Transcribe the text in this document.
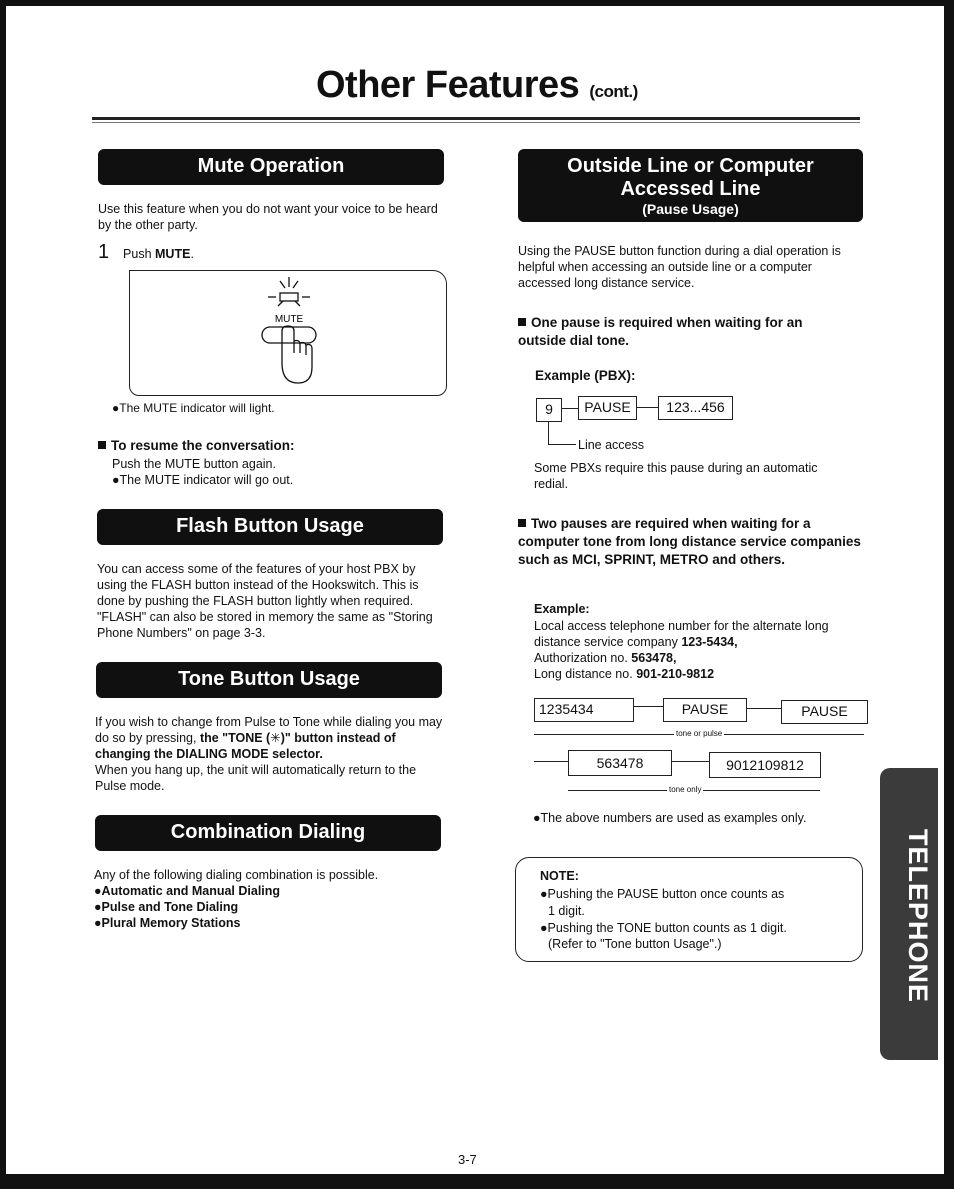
Other Features (cont.)
Mute Operation
Use this feature when you do not want your voice to be heard by the other party.
1 Push MUTE.
MUTE
●The MUTE indicator will light.
To resume the conversation:
Push the MUTE button again.
●The MUTE indicator will go out.
Flash Button Usage
You can access some of the features of your host PBX by using the FLASH button instead of the Hookswitch. This is done by pushing the FLASH button lightly when required. "FLASH" can also be stored in memory the same as "Storing Phone Numbers" on page 3-3.
Tone Button Usage
If you wish to change from Pulse to Tone while dialing you may do so by pressing, the "TONE (✳)" button instead of changing the DIALING MODE selector.
When you hang up, the unit will automatically return to the Pulse mode.
Combination Dialing
Any of the following dialing combination is possible.
●Automatic and Manual Dialing
●Pulse and Tone Dialing
●Plural Memory Stations
Outside Line or Computer
Accessed Line
(Pause Usage)
Using the PAUSE button function during a dial operation is helpful when accessing an outside line or a computer accessed long distance service.
One pause is required when waiting for an outside dial tone.
Example (PBX):
9	PAUSE	123...456
Line access
Some PBXs require this pause during an automatic redial.
Two pauses are required when waiting for a computer tone from long distance service companies such as MCI, SPRINT, METRO and others.
Example:
Local access telephone number for the alternate long distance service company 123-5434,
Authorization no. 563478,
Long distance no. 901-210-9812
1235434	PAUSE	PAUSE
tone or pulse
563478	9012109812
tone only
●The above numbers are used as examples only.
NOTE:
●Pushing the PAUSE button once counts as
1 digit.
●Pushing the TONE button counts as 1 digit.
(Refer to "Tone button Usage".)	TELEPHONE
3-7
